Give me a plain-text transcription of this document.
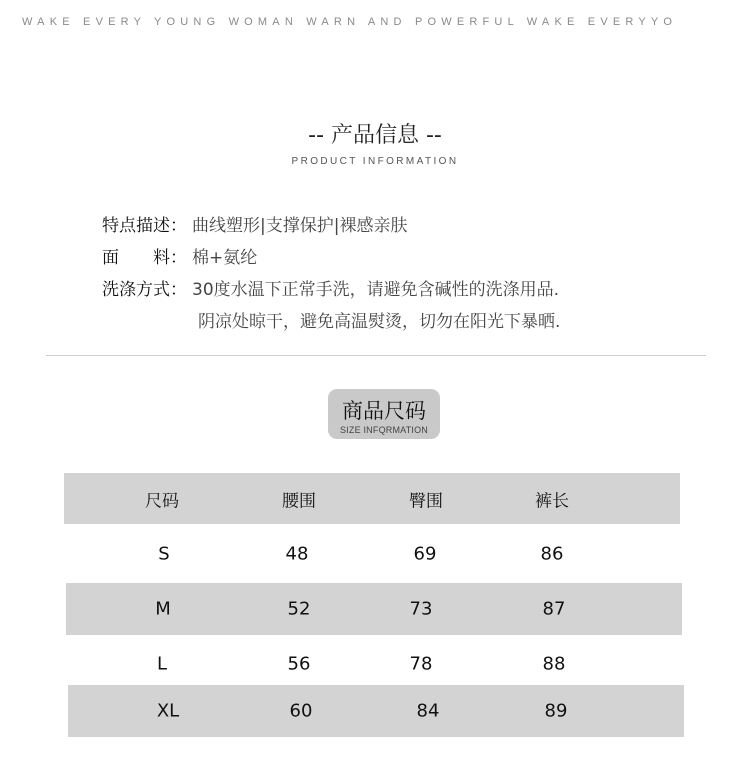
WAKE EVERY YOUNG WOMAN WARN AND POWERFUL WAKE EVERYYO
-- 产品信息 --
PRODUCT INFORMATION
特点描述： 曲线塑形|支撑保护|裸感亲肤
面　　料： 棉+氨纶
洗涤方式： 30度水温下正常手洗，请避免含碱性的洗涤用品.
阴凉处晾干，避免高温熨烫，切勿在阳光下暴晒.
商品尺码
SIZE INFQRMATION
尺码	腰围	臀围	裤长
S	48	69	86
M	52	73	87
L	56	78	88
XL	60	84	89
